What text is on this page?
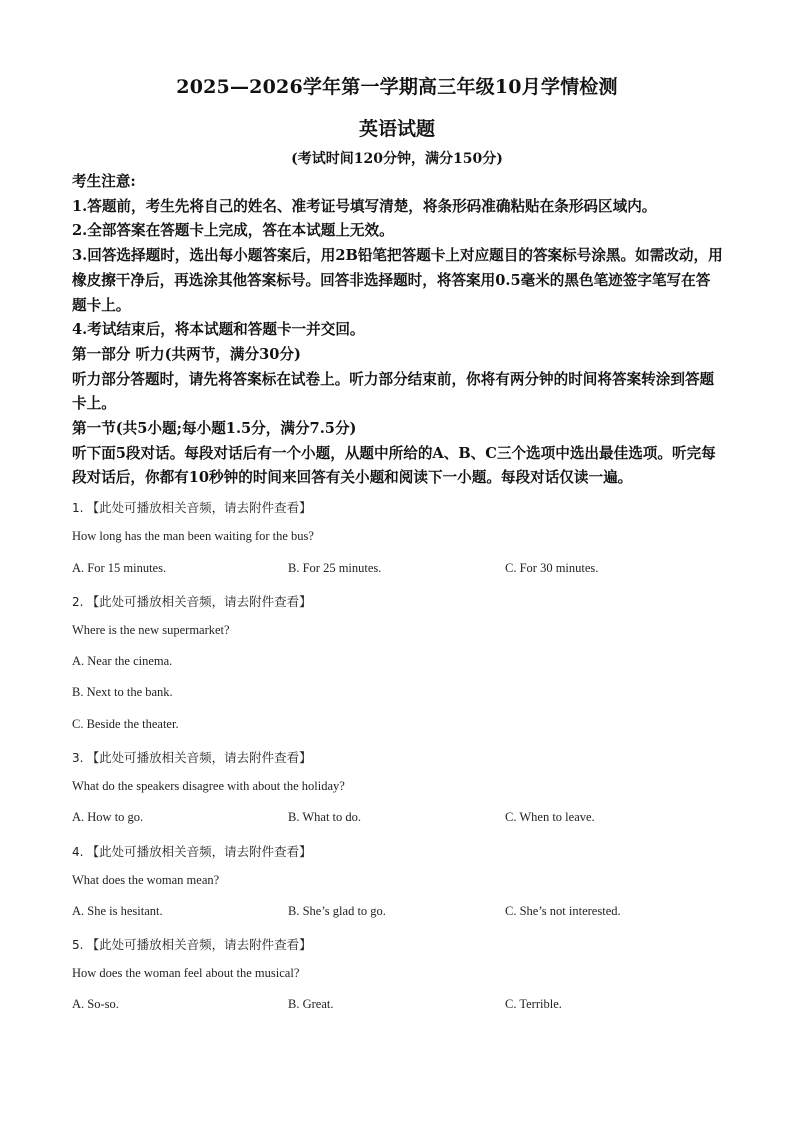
2025—2026学年第一学期高三年级10月学情检测
英语试题
(考试时间120分钟，满分150分)

考生注意:

1.答题前，考生先将自己的姓名、准考证号填写清楚，将条形码准确粘贴在条形码区域内。

2.全部答案在答题卡上完成，答在本试题上无效。

3.回答选择题时，选出每小题答案后，用2B铅笔把答题卡上对应题目的答案标号涂黑。如需改动，用橡皮擦干净后，再选涂其他答案标号。回答非选择题时，将答案用0.5毫米的黑色笔迹签字笔写在答题卡上。

4.考试结束后，将本试题和答题卡一并交回。

第一部分 听力(共两节，满分30分)

听力部分答题时，请先将答案标在试卷上。听力部分结束前，你将有两分钟的时间将答案转涂到答题卡上。

第一节(共5小题;每小题1.5分，满分7.5分)

听下面5段对话。每段对话后有一个小题，从题中所给的A、B、C三个选项中选出最佳选项。听完每段对话后，你都有10秒钟的时间来回答有关小题和阅读下一小题。每段对话仅读一遍。

1. 【此处可播放相关音频，请去附件查看】
How long has the man been waiting for the bus?
A. For 15 minutes.	B. For 25 minutes.	C. For 30 minutes.
2. 【此处可播放相关音频，请去附件查看】
Where is the new supermarket?
A. Near the cinema.
B. Next to the bank.
C. Beside the theater.
3. 【此处可播放相关音频，请去附件查看】
What do the speakers disagree with about the holiday?
A. How to go.	B. What to do.	C. When to leave.
4. 【此处可播放相关音频，请去附件查看】
What does the woman mean?
A. She is hesitant.	B. She’s glad to go.	C. She’s not interested.
5. 【此处可播放相关音频，请去附件查看】
How does the woman feel about the musical?
A. So-so.	B. Great.	C. Terrible.
